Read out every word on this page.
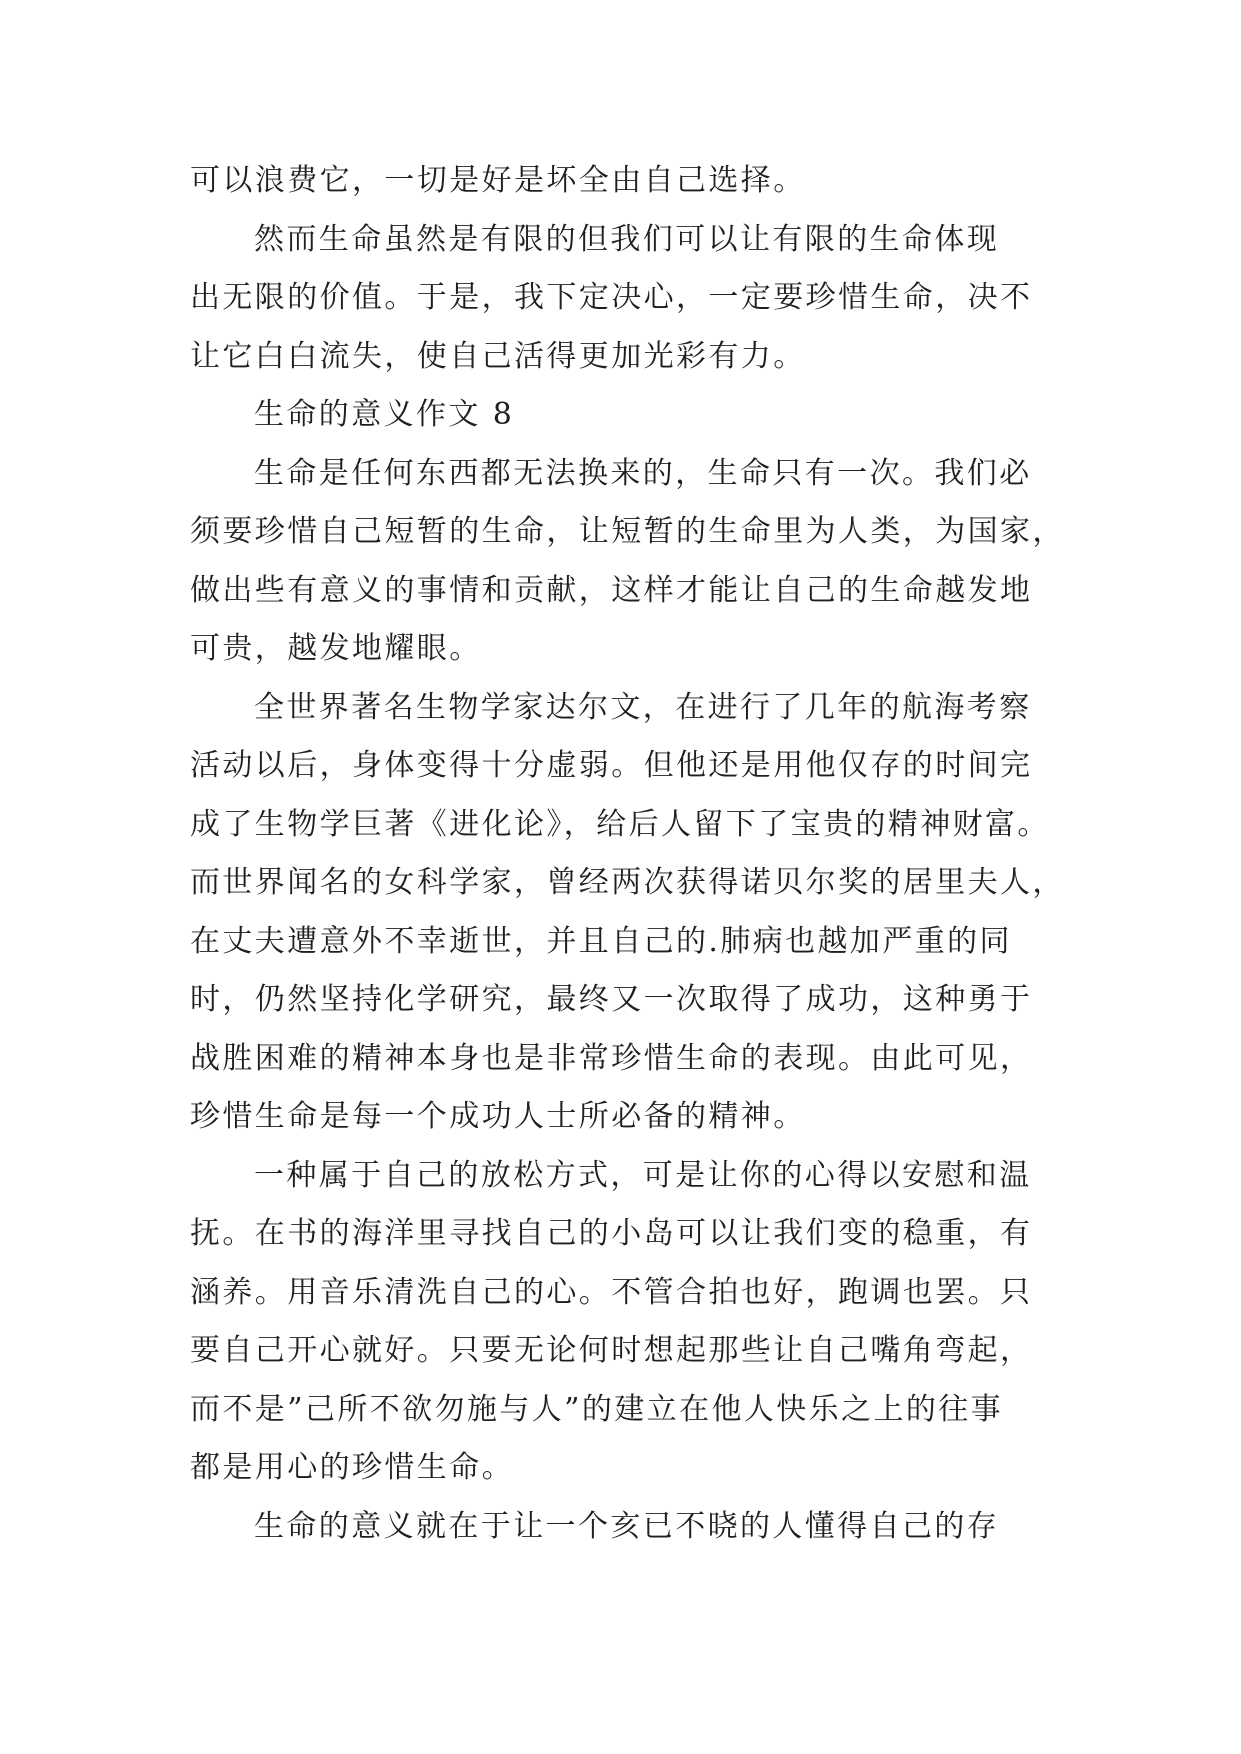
可以浪费它，一切是好是坏全由自己选择。

然而生命虽然是有限的但我们可以让有限的生命体现
出无限的价值。于是，我下定决心，一定要珍惜生命，决不
让它白白流失，使自己活得更加光彩有力。

生命的意义作文 8

生命是任何东西都无法换来的，生命只有一次。我们必
须要珍惜自己短暂的生命，让短暂的生命里为人类，为国家，
做出些有意义的事情和贡献，这样才能让自己的生命越发地
可贵，越发地耀眼。

全世界著名生物学家达尔文，在进行了几年的航海考察
活动以后，身体变得十分虚弱。但他还是用他仅存的时间完
成了生物学巨著《进化论》，给后人留下了宝贵的精神财富。
而世界闻名的女科学家，曾经两次获得诺贝尔奖的居里夫人，
在丈夫遭意外不幸逝世，并且自己的.肺病也越加严重的同
时，仍然坚持化学研究，最终又一次取得了成功，这种勇于
战胜困难的精神本身也是非常珍惜生命的表现。由此可见，
珍惜生命是每一个成功人士所必备的精神。

一种属于自己的放松方式，可是让你的心得以安慰和温
抚。在书的海洋里寻找自己的小岛可以让我们变的稳重，有
涵养。用音乐清洗自己的心。不管合拍也好，跑调也罢。只
要自己开心就好。只要无论何时想起那些让自己嘴角弯起，
而不是”己所不欲勿施与人”的建立在他人快乐之上的往事
都是用心的珍惜生命。

生命的意义就在于让一个亥已不晓的人懂得自己的存
